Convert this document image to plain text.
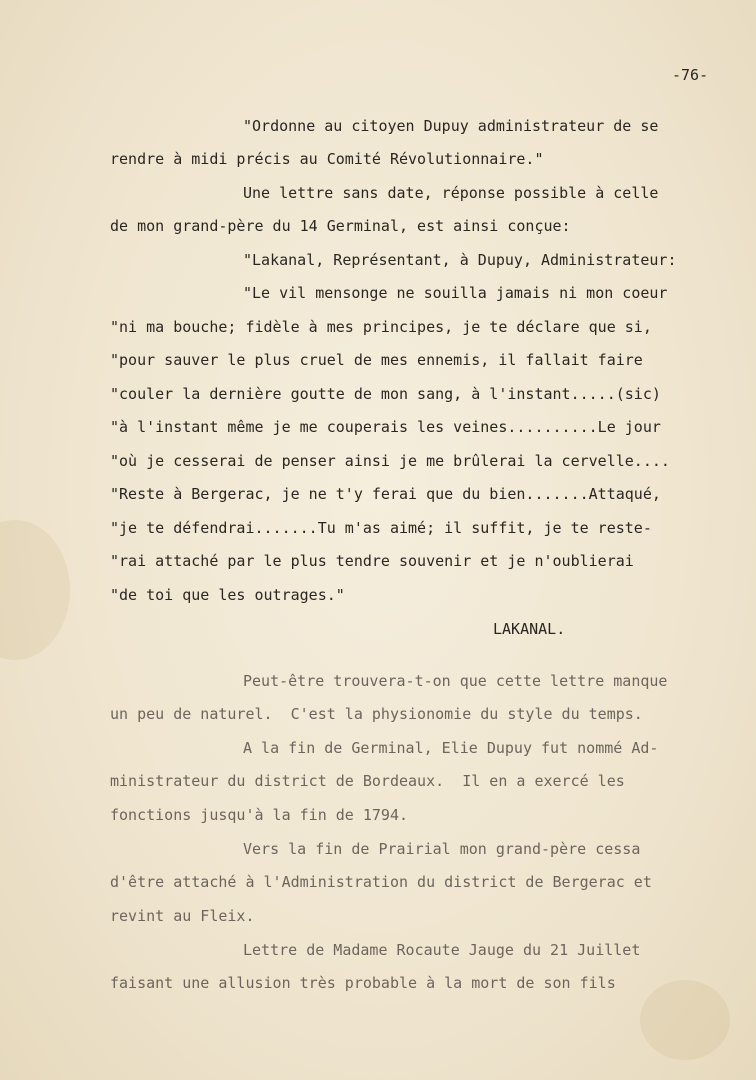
-76-
"Ordonne au citoyen Dupuy administrateur de se
rendre à midi précis au Comité Révolutionnaire."
Une lettre sans date, réponse possible à celle
de mon grand-père du 14 Germinal, est ainsi conçue:
"Lakanal, Représentant, à Dupuy, Administrateur:
"Le vil mensonge ne souilla jamais ni mon coeur
"ni ma bouche; fidèle à mes principes, je te déclare que si,
"pour sauver le plus cruel de mes ennemis, il fallait faire
"couler la dernière goutte de mon sang, à l'instant.....(sic)
"à l'instant même je me couperais les veines..........Le jour
"où je cesserai de penser ainsi je me brûlerai la cervelle....
"Reste à Bergerac, je ne t'y ferai que du bien.......Attaqué,
"je te défendrai.......Tu m'as aimé; il suffit, je te reste-
"rai attaché par le plus tendre souvenir et je n'oublierai
"de toi que les outrages."
LAKANAL.
Peut-être trouvera-t-on que cette lettre manque
un peu de naturel.  C'est la physionomie du style du temps.
A la fin de Germinal, Elie Dupuy fut nommé Ad-
ministrateur du district de Bordeaux.  Il en a exercé les
fonctions jusqu'à la fin de 1794.
Vers la fin de Prairial mon grand-père cessa
d'être attaché à l'Administration du district de Bergerac et
revint au Fleix.
Lettre de Madame Rocaute Jauge du 21 Juillet
faisant une allusion très probable à la mort de son fils
